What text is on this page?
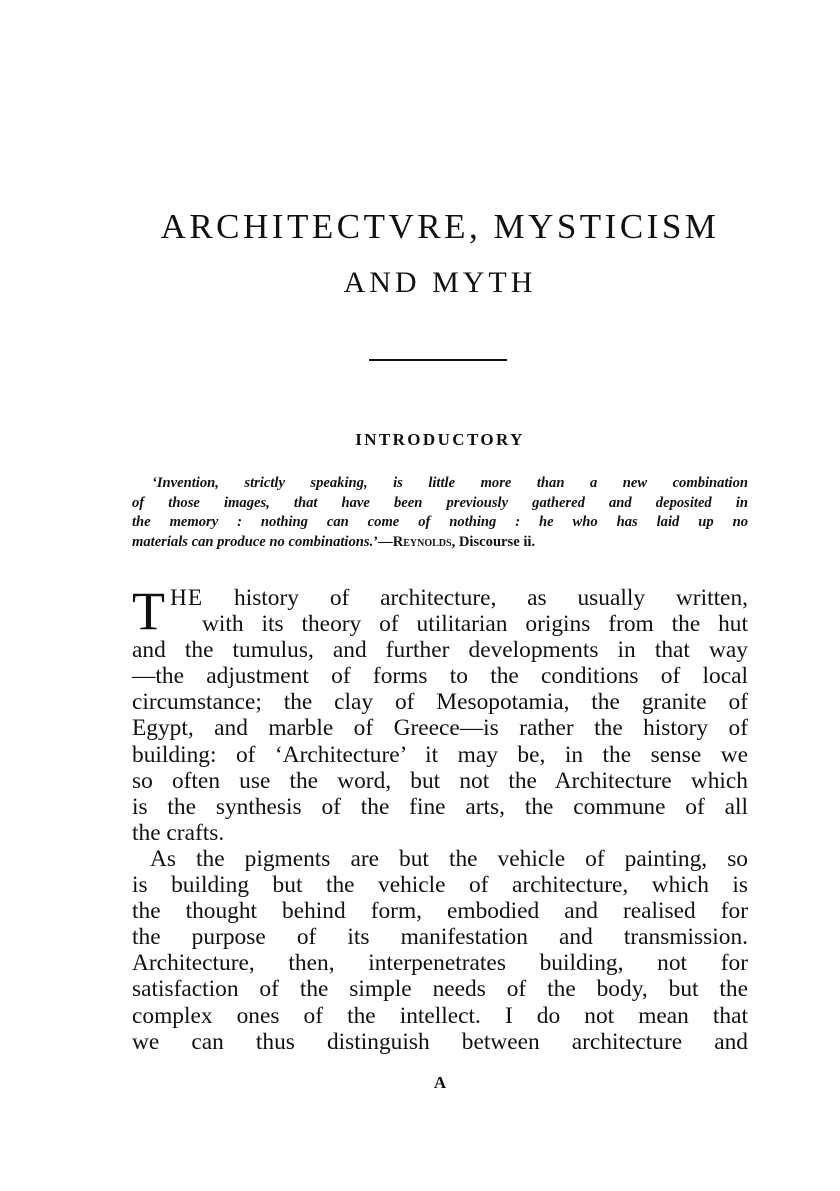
ARCHITECTVRE, MYSTICISM
AND MYTH
INTRODUCTORY
‘Invention, strictly speaking, is little more than a new combination
of those images, that have been previously gathered and deposited in
the memory : nothing can come of nothing : he who has laid up no
materials can produce no combinations.’—Reynolds, Discourse ii.
T HE history of architecture, as usually written,
with its theory of utilitarian origins from the hut
and the tumulus, and further developments in that way
—the adjustment of forms to the conditions of local
circumstance; the clay of Mesopotamia, the granite of
Egypt, and marble of Greece—is rather the history of
building: of ‘Architecture’ it may be, in the sense we
so often use the word, but not the Architecture which
is the synthesis of the fine arts, the commune of all
the crafts.
As the pigments are but the vehicle of painting, so
is building but the vehicle of architecture, which is
the thought behind form, embodied and realised for
the purpose of its manifestation and transmission.
Architecture, then, interpenetrates building, not for
satisfaction of the simple needs of the body, but the
complex ones of the intellect. I do not mean that
we can thus distinguish between architecture and
A
